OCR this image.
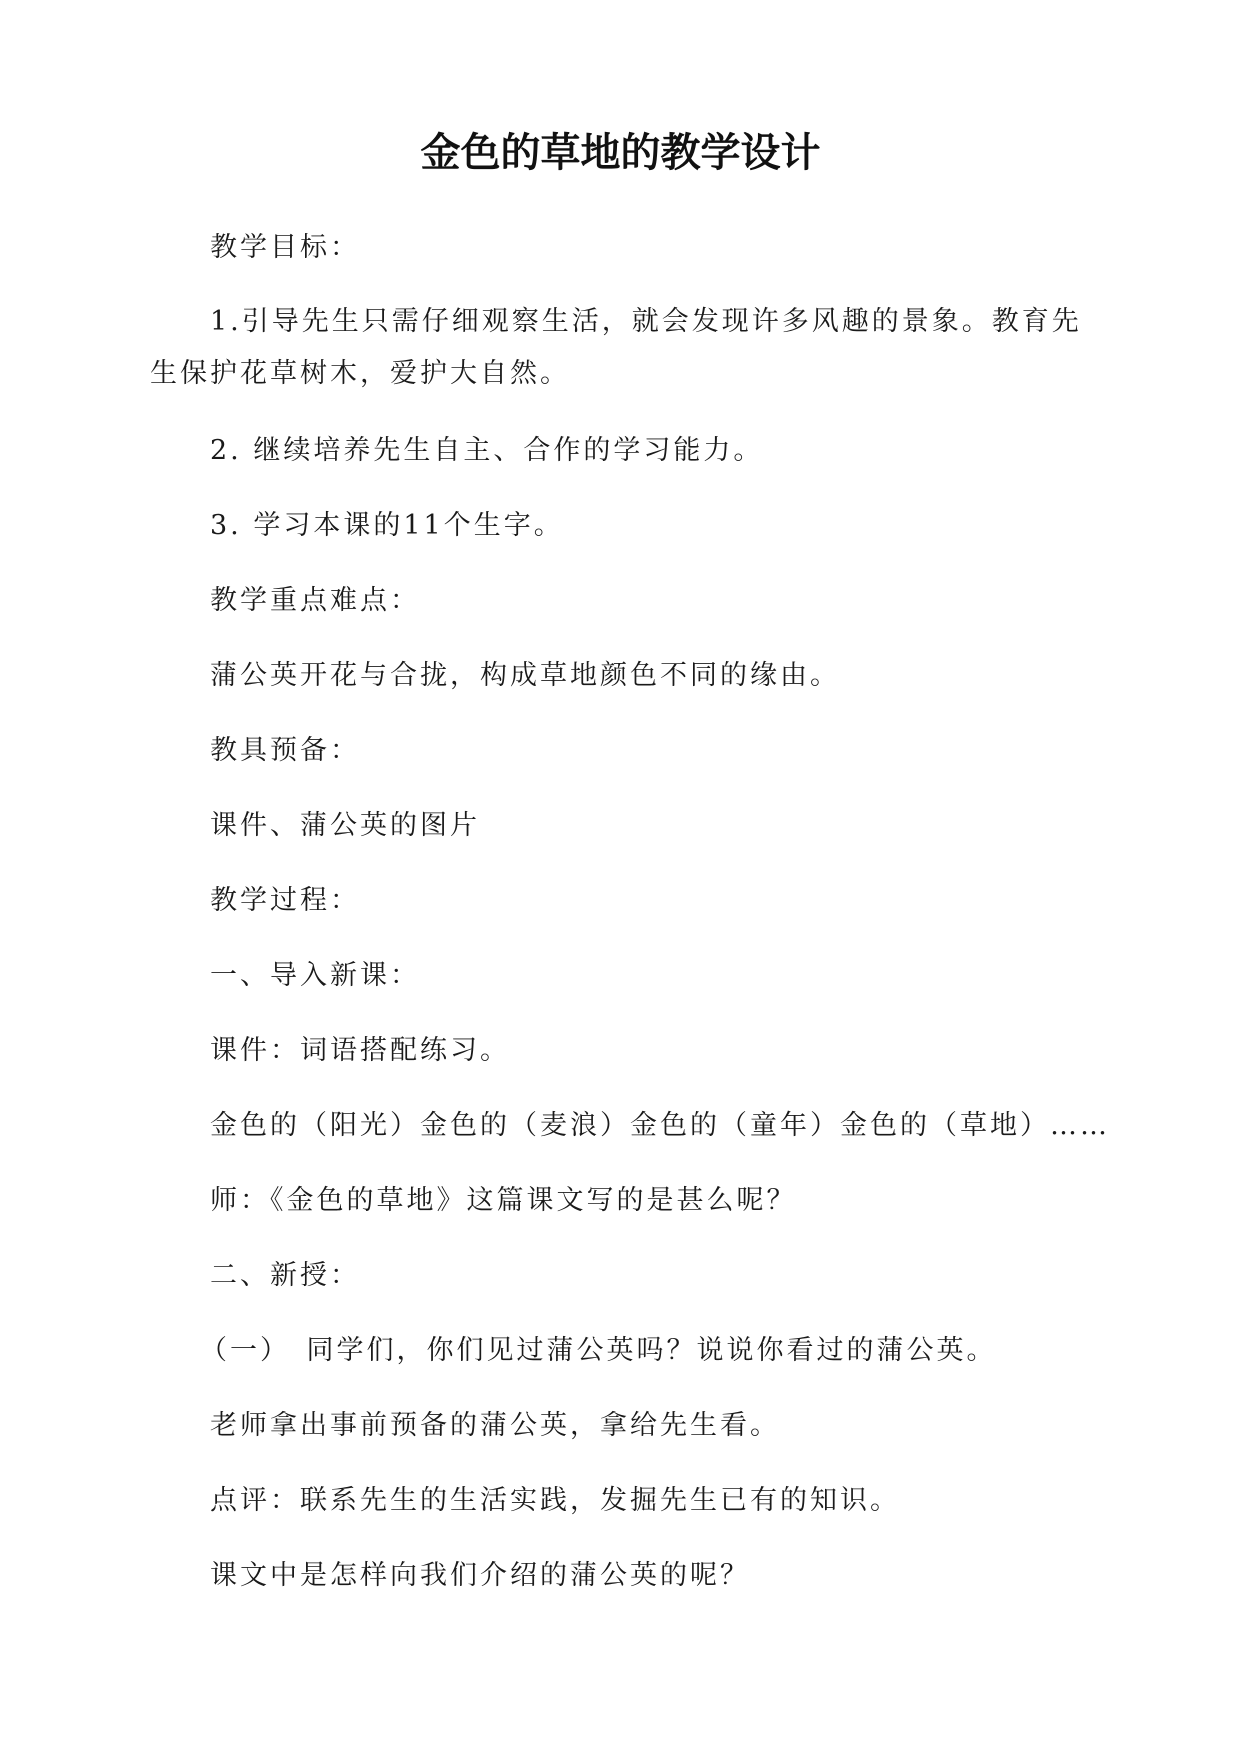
金色的草地的教学设计
教学目标：
1.引导先生只需仔细观察生活，就会发现许多风趣的景象。教育先生保护花草树木，爱护大自然。
2. 继续培养先生自主、合作的学习能力。
3. 学习本课的11个生字。
教学重点难点：
蒲公英开花与合拢，构成草地颜色不同的缘由。
教具预备：
课件、蒲公英的图片
教学过程：
一、导入新课：
课件：词语搭配练习。
金色的（阳光）金色的（麦浪）金色的（童年）金色的（草地）……
师：《金色的草地》这篇课文写的是甚么呢？
二、新授：
（一）　同学们，你们见过蒲公英吗？说说你看过的蒲公英。
老师拿出事前预备的蒲公英，拿给先生看。
点评：联系先生的生活实践，发掘先生已有的知识。
课文中是怎样向我们介绍的蒲公英的呢？
